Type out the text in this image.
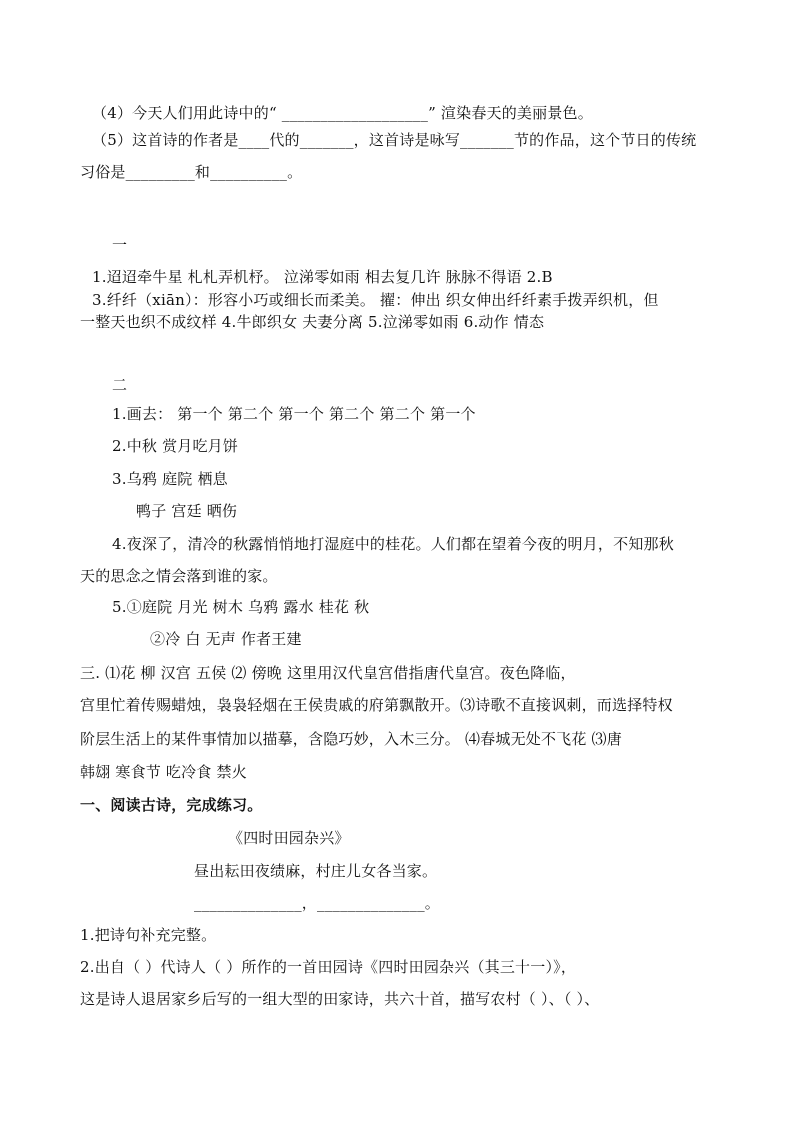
（4）今天人们用此诗中的“ ___________________” 渲染春天的美丽景色。
（5）这首诗的作者是____代的_______，这首诗是咏写_______节的作品，这个节日的传统
习俗是_________和__________。
一
1.迢迢牵牛星 札札弄机杼。 泣涕零如雨 相去复几许 脉脉不得语 2.B
3.纤纤（xiān）：形容小巧或细长而柔美。 擢：伸出 织女伸出纤纤素手拨弄织机，但
一整天也织不成纹样 4.牛郎织女 夫妻分离 5.泣涕零如雨 6.动作 情态
二
1.画去： 第一个 第二个 第一个 第二个 第二个 第一个
2.中秋 赏月吃月饼
3.乌鸦 庭院 栖息
鸭子 宫廷 晒伤
4.夜深了，清冷的秋露悄悄地打湿庭中的桂花。人们都在望着今夜的明月，不知那秋
天的思念之情会落到谁的家。
5.①庭院 月光 树木 乌鸦 露水 桂花 秋
②冷 白 无声 作者王建
三. ⑴花 柳 汉宫 五侯 ⑵ 傍晚 这里用汉代皇宫借指唐代皇宫。夜色降临，
宫里忙着传赐蜡烛，袅袅轻烟在王侯贵戚的府第飘散开。⑶诗歌不直接讽刺，而选择特权
阶层生活上的某件事情加以描摹，含隐巧妙，入木三分。 ⑷春城无处不飞花 ⑶唐
韩翃 寒食节 吃冷食 禁火
一、阅读古诗，完成练习。
《四时田园杂兴》
昼出耘田夜绩麻，村庄儿女各当家。
______________，______________。
1.把诗句补充完整。
2.出自（ ）代诗人（ ）所作的一首田园诗《四时田园杂兴（其三十一）》，
这是诗人退居家乡后写的一组大型的田家诗，共六十首，描写农村（ ）、（ ）、
